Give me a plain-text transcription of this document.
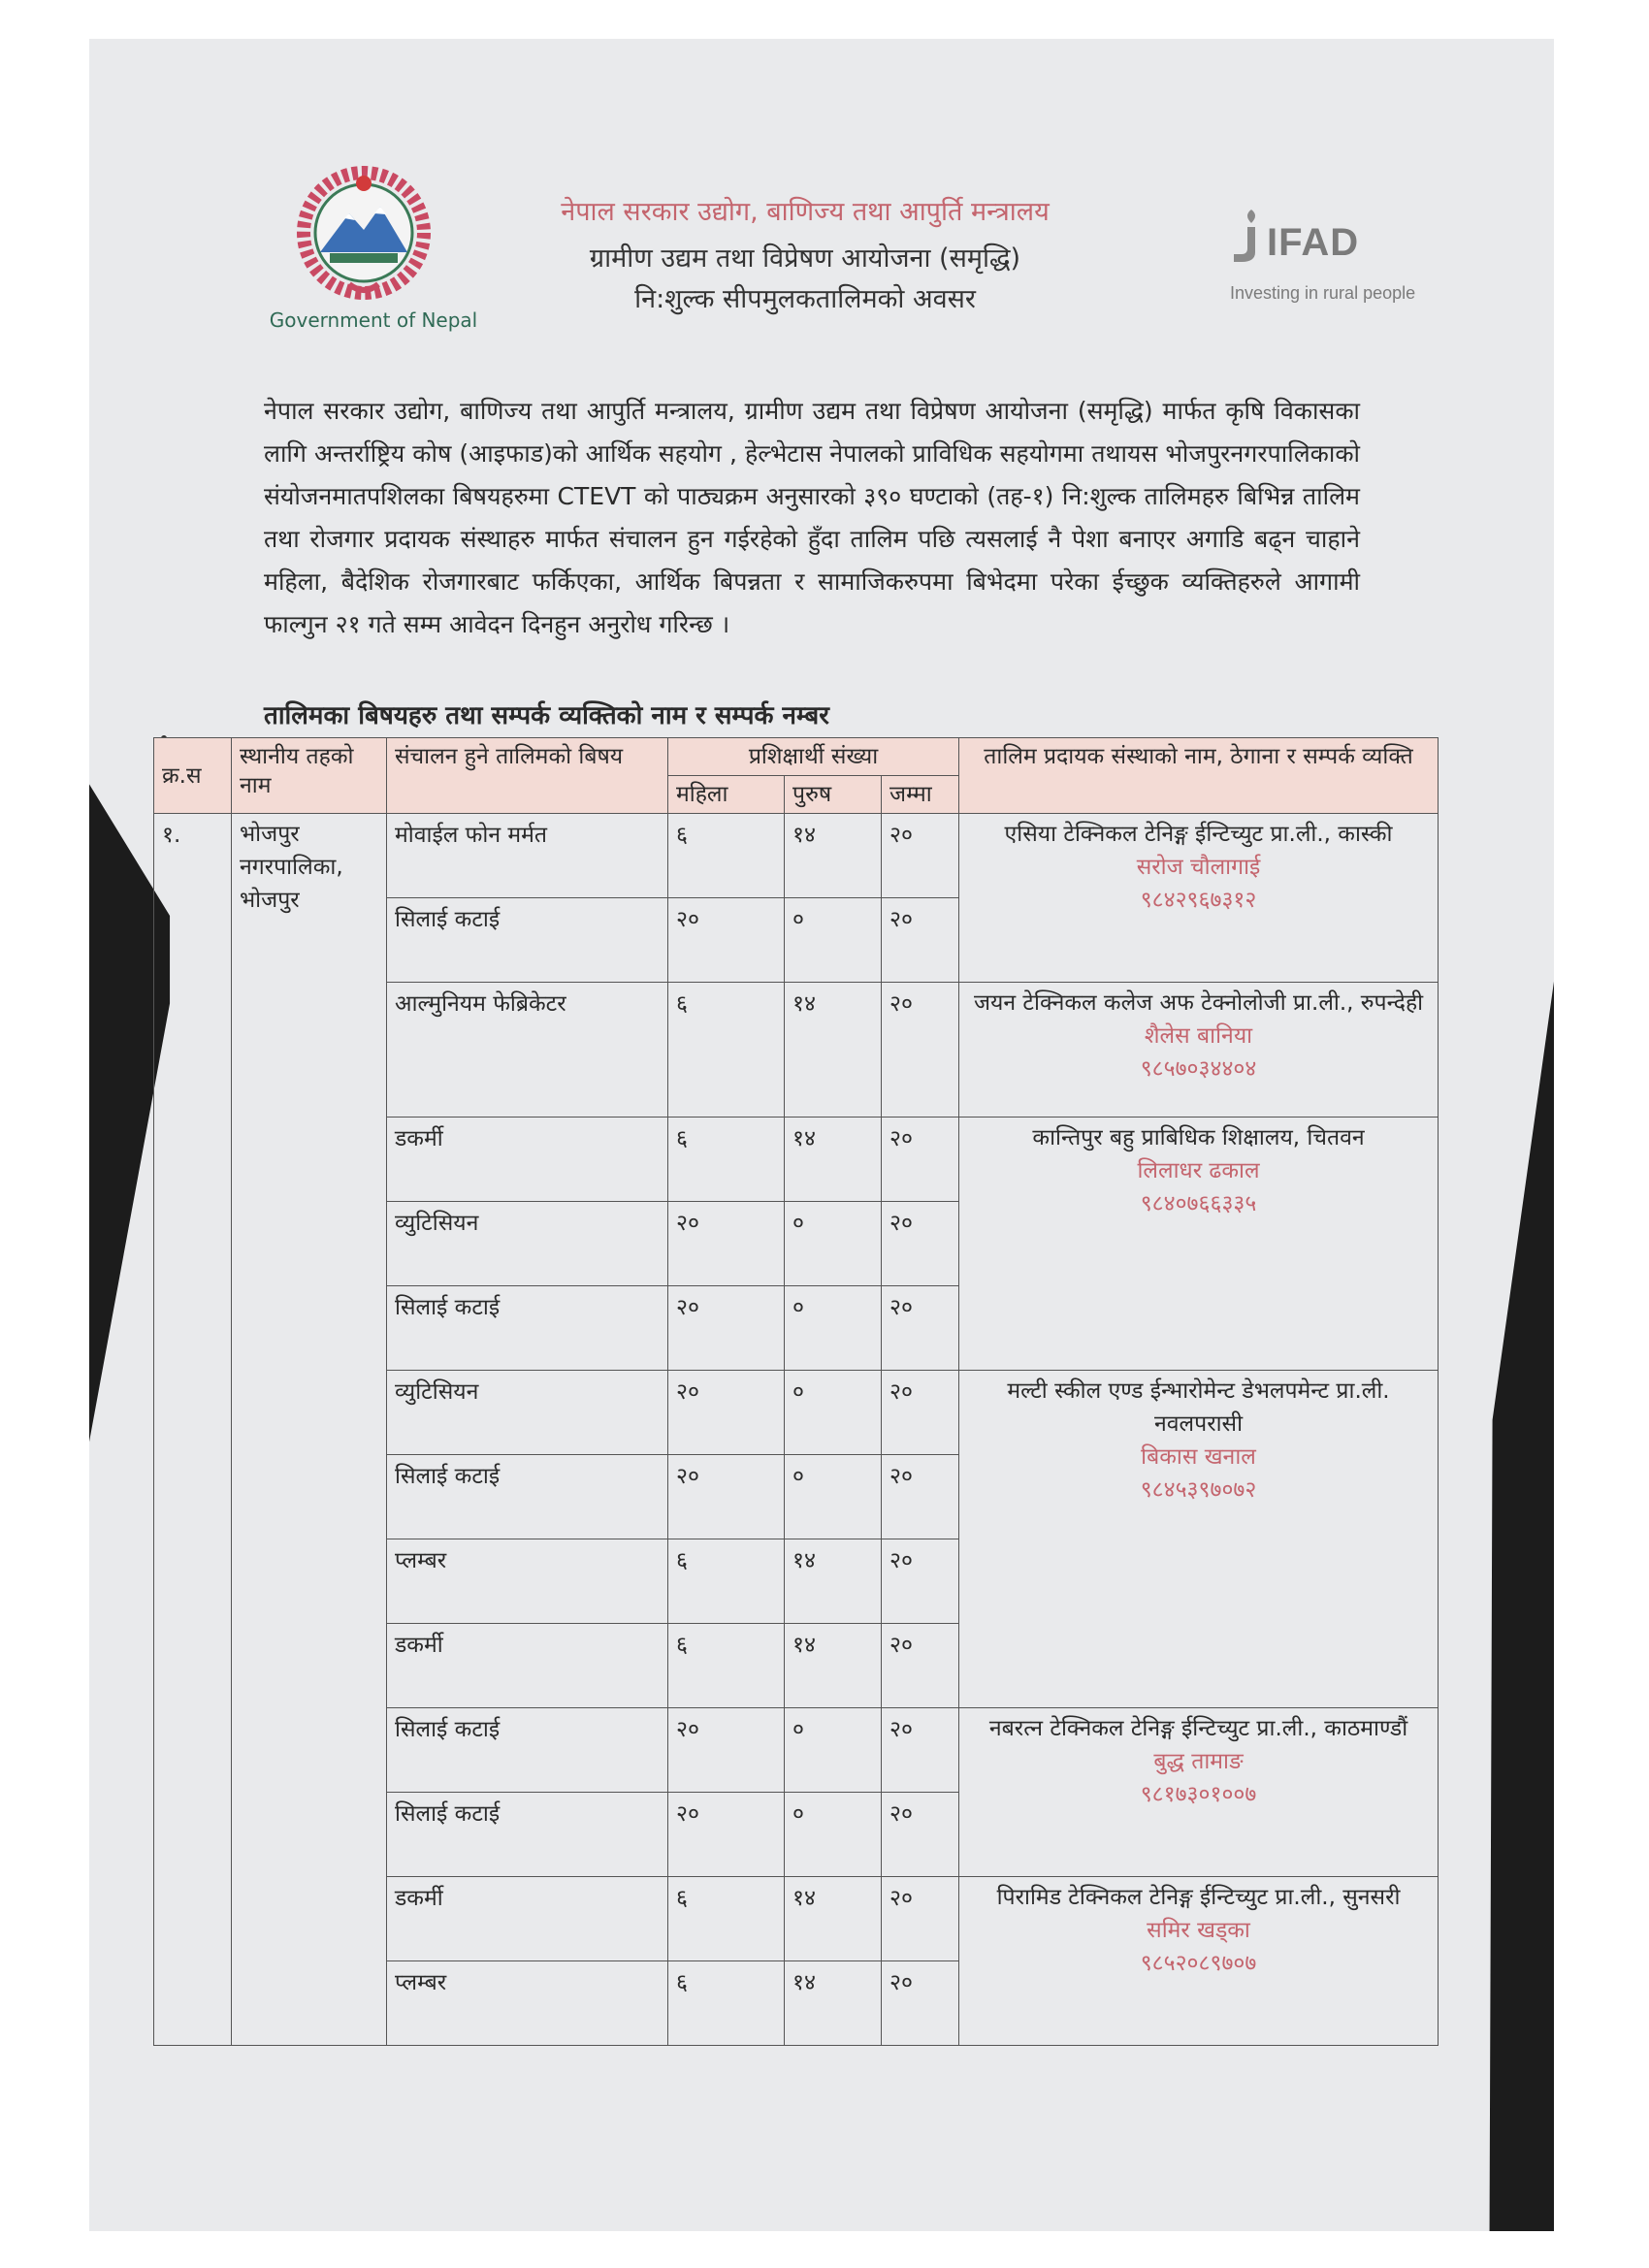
Government of Nepal
नेपाल सरकार उद्योग, बाणिज्य तथा आपुर्ति मन्त्रालय
ग्रामीण उद्यम तथा विप्रेषण आयोजना (समृद्धि)
नि:शुल्क सीपमुलकतालिमको अवसर
IFAD
Investing in rural people
नेपाल सरकार उद्योग, बाणिज्य तथा आपुर्ति मन्त्रालय, ग्रामीण उद्यम तथा विप्रेषण आयोजना (समृद्धि) मार्फत कृषि विकासका लागि अन्तर्राष्ट्रिय कोष (आइफाड)को आर्थिक सहयोग , हेल्भेटास नेपालको प्राविधिक सहयोगमा तथायस भोजपुरनगरपालिकाको संयोजनमातपशिलका बिषयहरुमा CTEVT को पाठ्यक्रम अनुसारको ३९० घण्टाको (तह-१) नि:शुल्क तालिमहरु बिभिन्न तालिम तथा रोजगार प्रदायक संस्थाहरु मार्फत संचालन हुन गईरहेको हुँदा तालिम पछि त्यसलाई नै पेशा बनाएर अगाडि बढ्न चाहाने महिला, बैदेशिक रोजगारबाट फर्किएका, आर्थिक बिपन्नता र सामाजिकरुपमा बिभेदमा परेका ईच्छुक व्यक्तिहरुले आगामी फाल्गुन २१ गते सम्म आवेदन दिनहुन अनुरोध गरिन्छ ।
तालिमका बिषयहरु तथा सम्पर्क व्यक्तिको नाम र सम्पर्क नम्बर
क्र.स	स्थानीय तहको नाम	संचालन हुने तालिमको बिषय	प्रशिक्षार्थी संख्या			तालिम प्रदायक संस्थाको नाम, ठेगाना र सम्पर्क व्यक्ति
			महिला	पुरुष	जम्मा	
१.	भोजपुर नगरपालिका, भोजपुर	मोवाईल फोन मर्मत	६	१४	२०	एसिया टेक्निकल टेनिङ्ग ईन्टिच्युट प्रा.ली., कास्की
सरोज चौलागाई
९८४२९६७३१२

		सिलाई कटाई	२०	०	२०	
		आल्मुनियम फेब्रिकेटर	६	१४	२०	जयन टेक्निकल कलेज अफ टेक्नोलोजी प्रा.ली., रुपन्देही
शैलेस बानिया
९८५७०३४४०४

		डकर्मी	६	१४	२०	कान्तिपुर बहु प्राबिधिक शिक्षालय, चितवन
लिलाधर ढकाल
९८४०७६६३३५

		व्युटिसियन	२०	०	२०	
		सिलाई कटाई	२०	०	२०	
		व्युटिसियन	२०	०	२०	मल्टी स्कील एण्ड ईन्भारोमेन्ट डेभलपमेन्ट प्रा.ली. नवलपरासी
बिकास खनाल
९८४५३९७०७२

		सिलाई कटाई	२०	०	२०	
		प्लम्बर	६	१४	२०	
		डकर्मी	६	१४	२०	
		सिलाई कटाई	२०	०	२०	नबरत्न टेक्निकल टेनिङ्ग ईन्टिच्युट प्रा.ली., काठमाण्डौं
बुद्ध तामाङ
९८१७३०१००७

		सिलाई कटाई	२०	०	२०	
		डकर्मी	६	१४	२०	पिरामिड टेक्निकल टेनिङ्ग ईन्टिच्युट प्रा.ली., सुनसरी
समिर खड्का
९८५२०८९७०७

		प्लम्बर	६	१४	२०	
